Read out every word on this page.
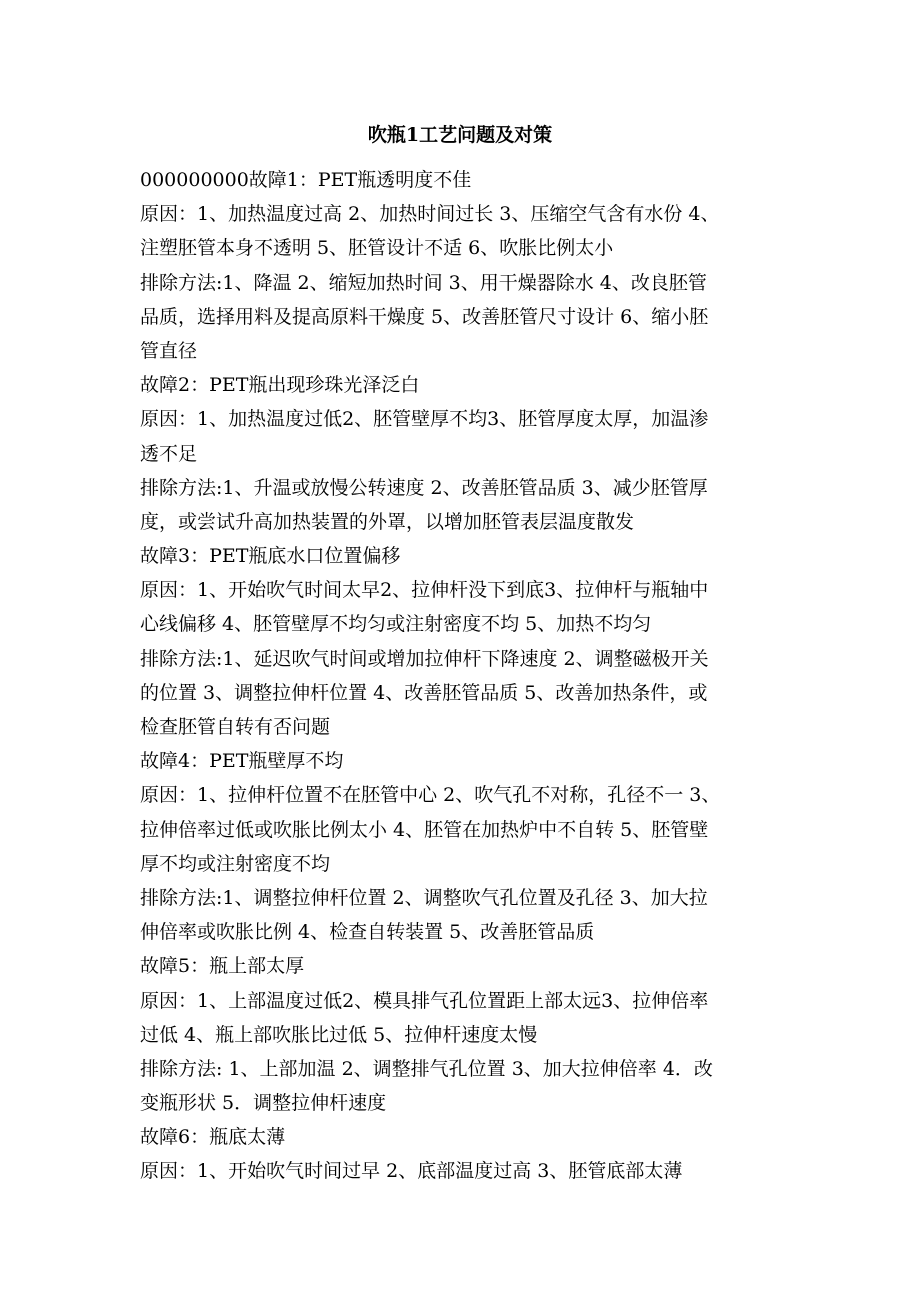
吹瓶1工艺问题及对策
000000000故障1：PET瓶透明度不佳
原因：1、加热温度过高 2、加热时间过长 3、压缩空气含有水份 4、
注塑胚管本身不透明 5、胚管设计不适 6、吹胀比例太小
排除方法:1、降温 2、缩短加热时间 3、用干燥器除水 4、改良胚管
品质，选择用料及提高原料干燥度 5、改善胚管尺寸设计 6、缩小胚
管直径
故障2：PET瓶出现珍珠光泽泛白
原因：1、加热温度过低2、胚管壁厚不均3、胚管厚度太厚，加温渗
透不足
排除方法:1、升温或放慢公转速度 2、改善胚管品质 3、减少胚管厚
度，或尝试升高加热装置的外罩，以增加胚管表层温度散发
故障3：PET瓶底水口位置偏移
原因：1、开始吹气时间太早2、拉伸杆没下到底3、拉伸杆与瓶轴中
心线偏移 4、胚管壁厚不均匀或注射密度不均 5、加热不均匀
排除方法:1、延迟吹气时间或增加拉伸杆下降速度 2、调整磁极开关
的位置 3、调整拉伸杆位置 4、改善胚管品质 5、改善加热条件，或
检查胚管自转有否问题
故障4：PET瓶壁厚不均
原因：1、拉伸杆位置不在胚管中心 2、吹气孔不对称，孔径不一 3、
拉伸倍率过低或吹胀比例太小 4、胚管在加热炉中不自转 5、胚管壁
厚不均或注射密度不均
排除方法:1、调整拉伸杆位置 2、调整吹气孔位置及孔径 3、加大拉
伸倍率或吹胀比例 4、检查自转装置 5、改善胚管品质
故障5：瓶上部太厚
原因：1、上部温度过低2、模具排气孔位置距上部太远3、拉伸倍率
过低 4、瓶上部吹胀比过低 5、拉伸杆速度太慢
排除方法: 1、上部加温 2、调整排气孔位置 3、加大拉伸倍率 4．改
变瓶形状 5．调整拉伸杆速度
故障6：瓶底太薄
原因：1、开始吹气时间过早 2、底部温度过高 3、胚管底部太薄
